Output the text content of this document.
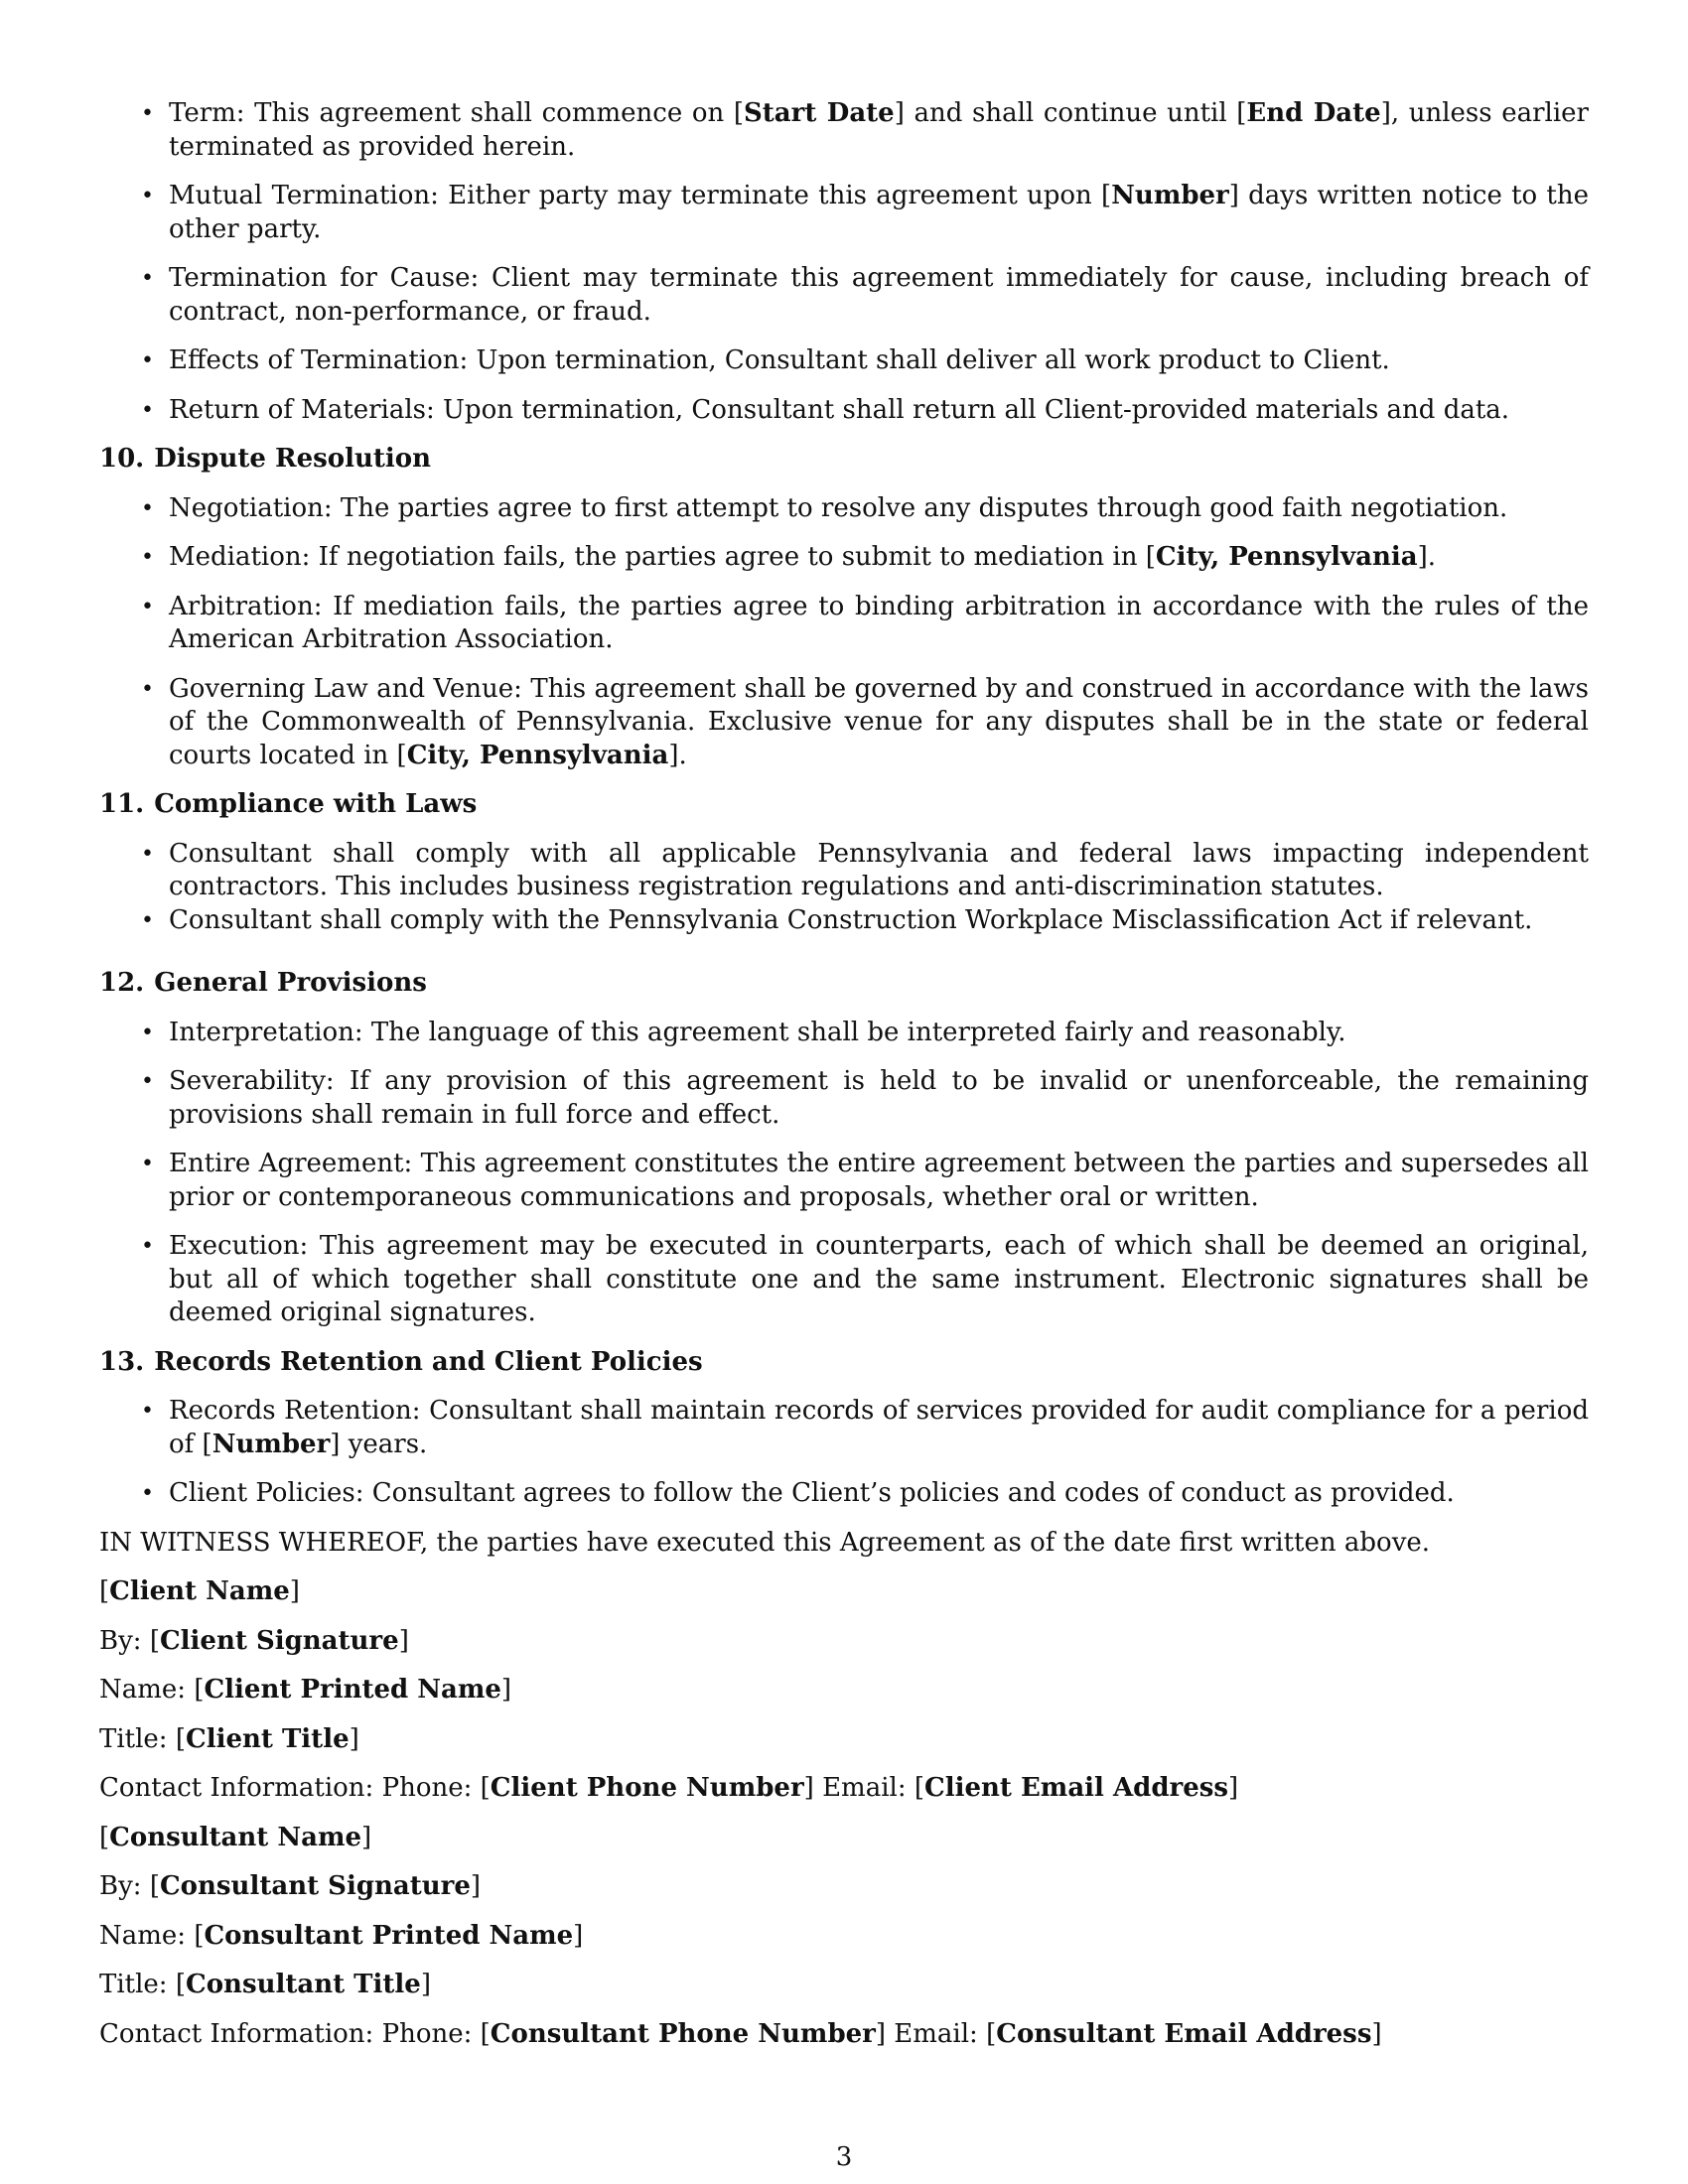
• Term: This agreement shall commence on [Start Date] and shall continue until [End Date], unless earlier terminated as provided herein.
• Mutual Termination: Either party may terminate this agreement upon [Number] days written notice to the other party.
• Termination for Cause: Client may terminate this agreement immediately for cause, including breach of contract, non-performance, or fraud.
• Effects of Termination: Upon termination, Consultant shall deliver all work product to Client.
• Return of Materials: Upon termination, Consultant shall return all Client-provided materials and data.
10. Dispute Resolution
• Negotiation: The parties agree to first attempt to resolve any disputes through good faith negotiation.
• Mediation: If negotiation fails, the parties agree to submit to mediation in [City, Pennsylvania].
• Arbitration: If mediation fails, the parties agree to binding arbitration in accordance with the rules of the American Arbitration Association.
• Governing Law and Venue: This agreement shall be governed by and construed in accordance with the laws of the Commonwealth of Pennsylvania. Exclusive venue for any disputes shall be in the state or federal courts located in [City, Pennsylvania].
11. Compliance with Laws
• Consultant shall comply with all applicable Pennsylvania and federal laws impacting independent contractors. This includes business registration regulations and anti-discrimination statutes.
• Consultant shall comply with the Pennsylvania Construction Workplace Misclassification Act if relevant.
12. General Provisions
• Interpretation: The language of this agreement shall be interpreted fairly and reasonably.
• Severability: If any provision of this agreement is held to be invalid or unenforceable, the remaining provisions shall remain in full force and effect.
• Entire Agreement: This agreement constitutes the entire agreement between the parties and supersedes all prior or contemporaneous communications and proposals, whether oral or written.
• Execution: This agreement may be executed in counterparts, each of which shall be deemed an original, but all of which together shall constitute one and the same instrument. Electronic signatures shall be deemed original signatures.
13. Records Retention and Client Policies
• Records Retention: Consultant shall maintain records of services provided for audit compliance for a period of [Number] years.
• Client Policies: Consultant agrees to follow the Client’s policies and codes of conduct as provided.
IN WITNESS WHEREOF, the parties have executed this Agreement as of the date first written above.
[Client Name]
By: [Client Signature]
Name: [Client Printed Name]
Title: [Client Title]
Contact Information: Phone: [Client Phone Number] Email: [Client Email Address]
[Consultant Name]
By: [Consultant Signature]
Name: [Consultant Printed Name]
Title: [Consultant Title]
Contact Information: Phone: [Consultant Phone Number] Email: [Consultant Email Address]
3
